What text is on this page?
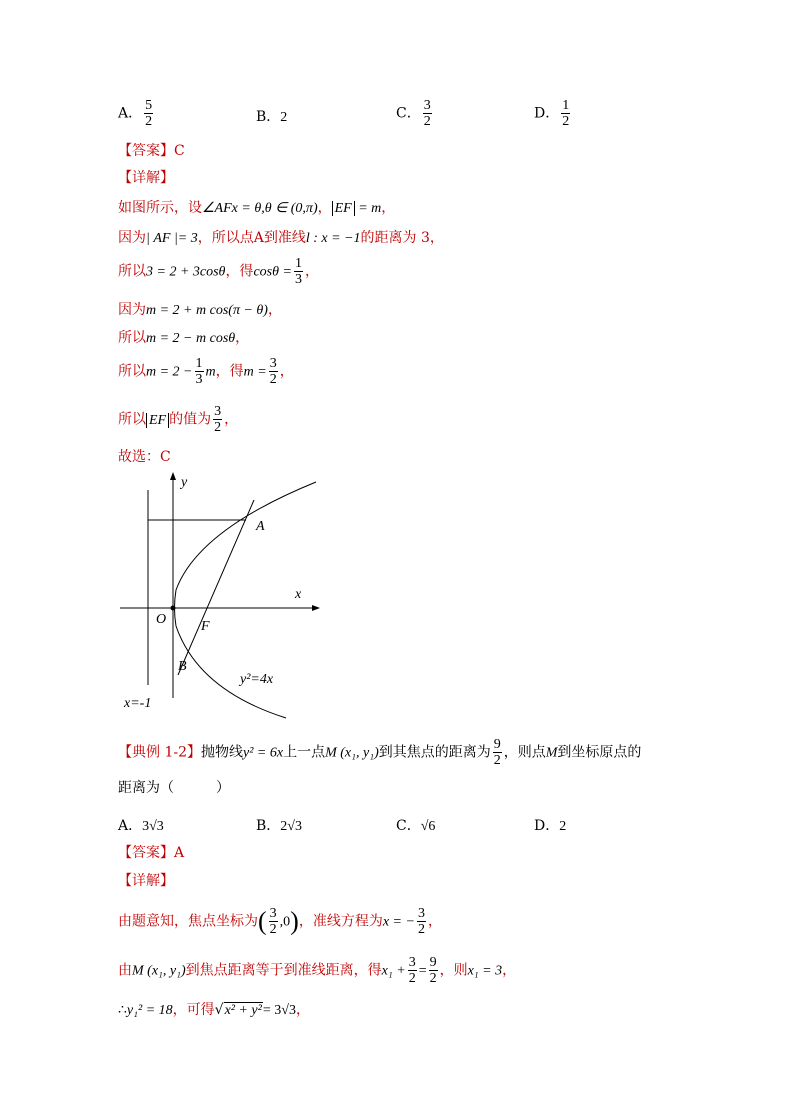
A． $\frac{5}{2}$	B．2	C． $\frac{3}{2}$	D． $\frac{1}{2}$
【答案】C
【详解】
如图所示，设∠AFx = θ,θ ∈ (0,π)， EF = m，
因为| AF |= 3，所以点A到准线l : x = −1的距离为 3，
所以3 = 2 + 3cosθ，得$\cos\theta = \frac{1}{3}$ ，
因为m = 2 + m cos(π − θ)，
所以m = 2 − m cosθ，
所以$m = 2 - \frac{1}{3}$ m，得$m = \frac{3}{2}$ ，
所以 EF 的值为 $\frac{3}{2}$ ，
故选：C
y
x
A
O F
B
y²=4x
x=-1
【典例 1-2】抛物线y² = 6x上一点M (x₁, y₁)到其焦点的距离为 $\frac{9}{2}$ ，则点M到坐标原点的
距离为（　　　）
A．3√3	B．2√3	C．√6	D．2
【答案】A
【详解】
由题意知，焦点坐标为( $\frac{3}{2} ,0$)，准线方程为x = − $\frac{3}{2}$ ，
由M (x₁, y₁)到焦点距离等于到准线距离，得$x_1 + \frac{3}{2} = \frac{9}{2}$ ，则x₁ = 3，
∴y₁² = 18，可得√x² + y²= 3√3，
